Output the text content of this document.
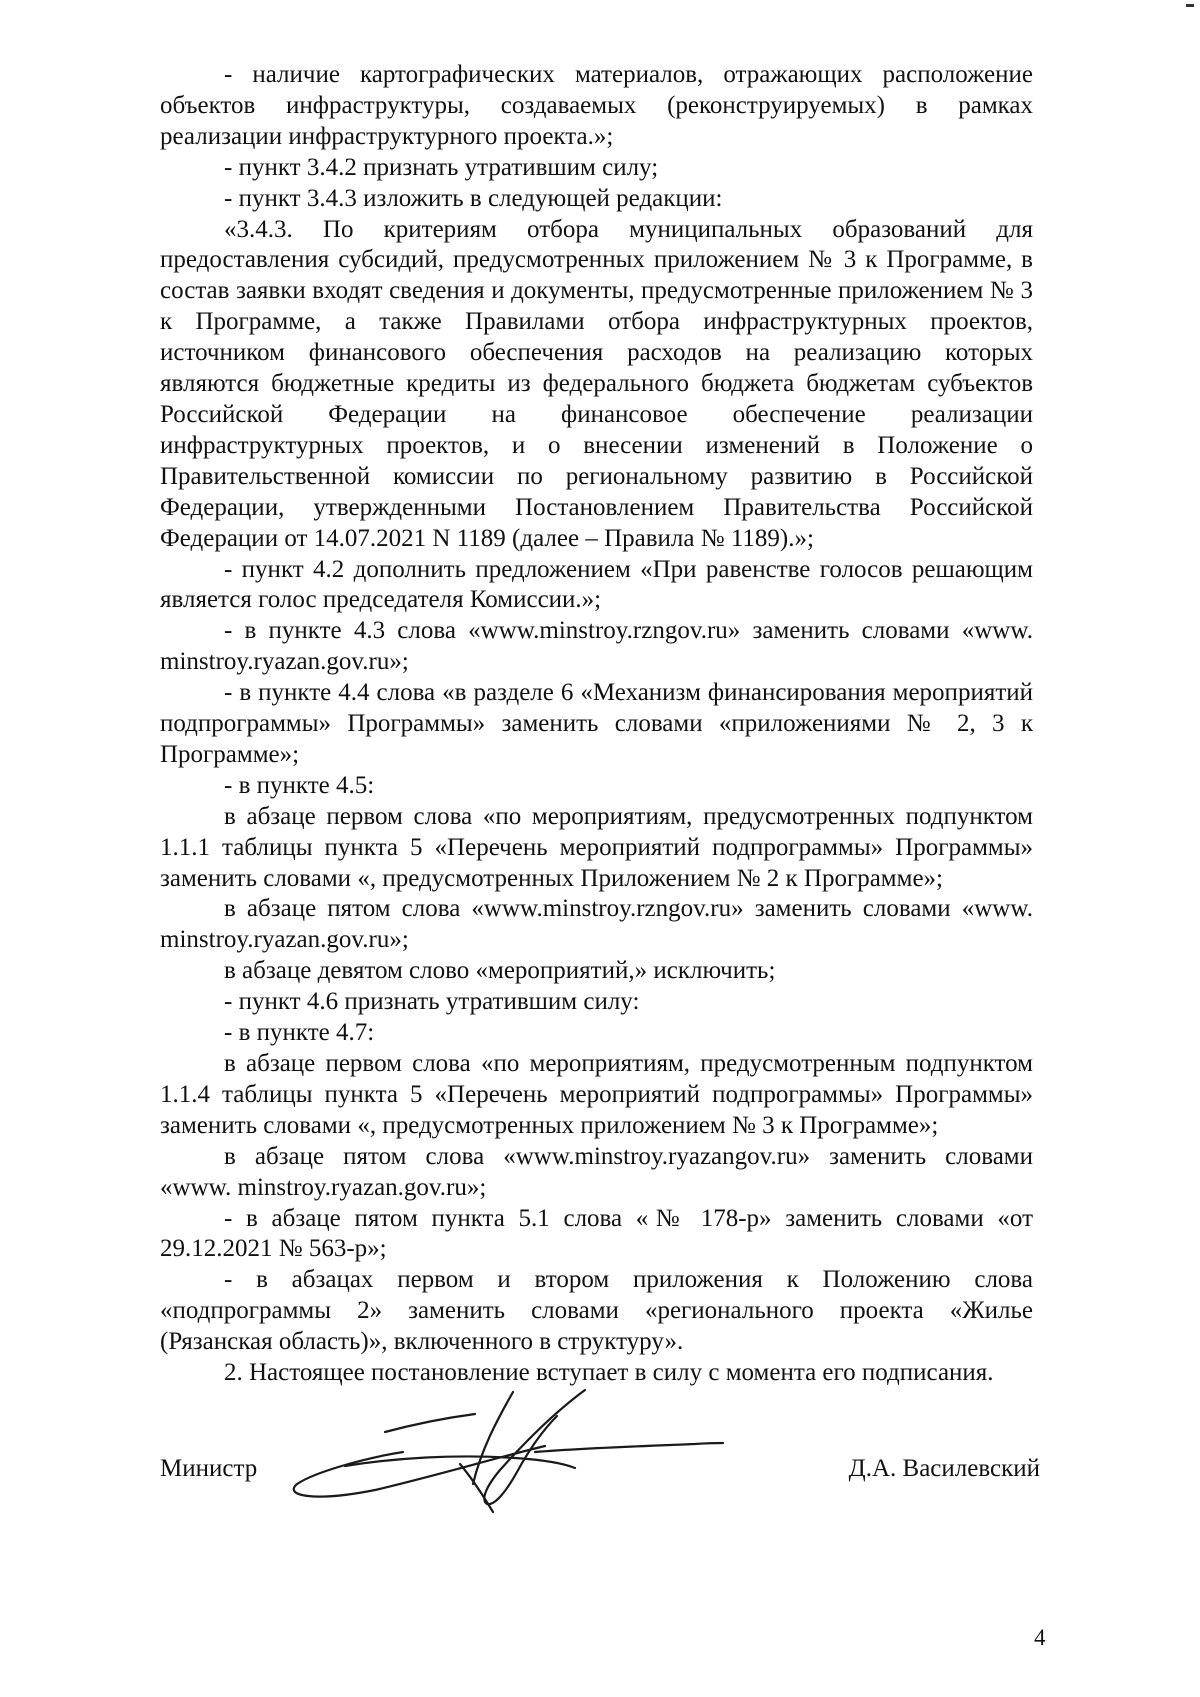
- наличие картографических материалов, отражающих расположение объектов инфраструктуры, создаваемых (реконструируемых) в рамках реализации инфраструктурного проекта.»;

- пункт 3.4.2 признать утратившим силу;

- пункт 3.4.3 изложить в следующей редакции:

«3.4.3. По критериям отбора муниципальных образований для предоставления субсидий, предусмотренных приложением № 3 к Программе, в состав заявки входят сведения и документы, предусмотренные приложением № 3 к Программе, а также Правилами отбора инфраструктурных проектов, источником финансового обеспечения расходов на реализацию которых являются бюджетные кредиты из федерального бюджета бюджетам субъектов Российской Федерации на финансовое обеспечение реализации инфраструктурных проектов, и о внесении изменений в Положение о Правительственной комиссии по региональному развитию в Российской Федерации, утвержденными Постановлением Правительства Российской Федерации от 14.07.2021 N 1189 (далее – Правила № 1189).»;

- пункт 4.2 дополнить предложением «При равенстве голосов решающим является голос председателя Комиссии.»;

- в пункте 4.3 слова «www.minstroy.rzngov.ru» заменить словами «www. minstroy.ryazan.gov.ru»;

- в пункте 4.4 слова «в разделе 6 «Механизм финансирования мероприятий подпрограммы» Программы» заменить словами «приложениями № 2, 3 к Программе»;

- в пункте 4.5:

в абзаце первом слова «по мероприятиям, предусмотренных подпунктом 1.1.1 таблицы пункта 5 «Перечень мероприятий подпрограммы» Программы» заменить словами «, предусмотренных Приложением № 2 к Программе»;

в абзаце пятом слова «www.minstroy.rzngov.ru» заменить словами «www. minstroy.ryazan.gov.ru»;

в абзаце девятом слово «мероприятий,» исключить;

- пункт 4.6 признать утратившим силу:

- в пункте 4.7:

в абзаце первом слова «по мероприятиям, предусмотренным подпунктом 1.1.4 таблицы пункта 5 «Перечень мероприятий подпрограммы» Программы» заменить словами «, предусмотренных приложением № 3 к Программе»;

в абзаце пятом слова «www.minstroy.ryazangov.ru» заменить словами «www. minstroy.ryazan.gov.ru»;

- в абзаце пятом пункта 5.1 слова «№ 178-р» заменить словами «от 29.12.2021 № 563-р»;

- в абзацах первом и втором приложения к Положению слова «подпрограммы 2» заменить словами «регионального проекта «Жилье (Рязанская область)», включенного в структуру».

2. Настоящее постановление вступает в силу с момента его подписания.

Министр	Д.А. Василевский
4
